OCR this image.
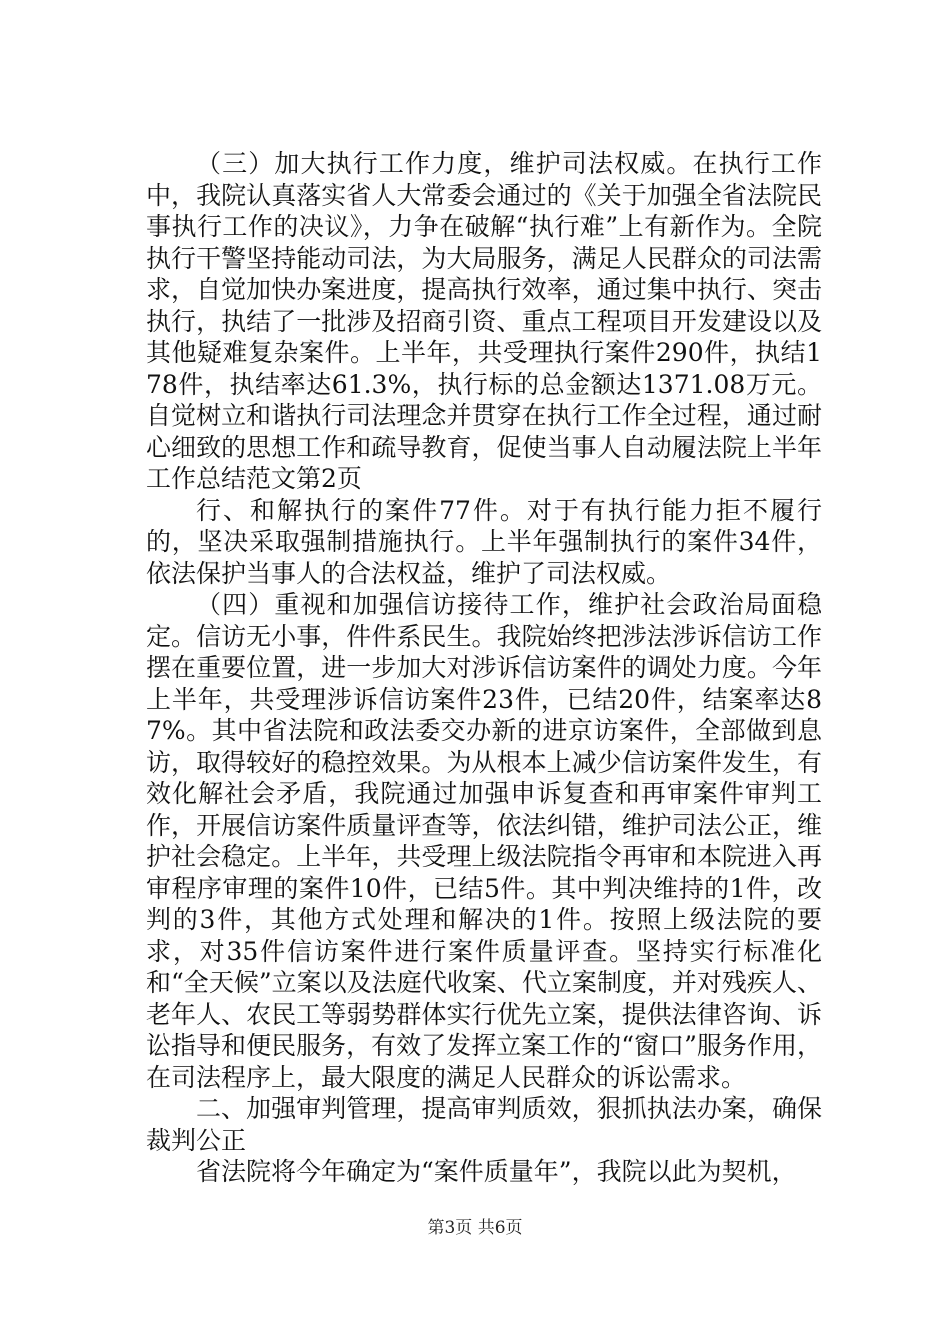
（三）加大执行工作力度，维护司法权威。在执行工作中，我院认真落实省人大常委会通过的《关于加强全省法院民事执行工作的决议》，力争在破解“执行难”上有新作为。全院执行干警坚持能动司法，为大局服务，满足人民群众的司法需求，自觉加快办案进度，提高执行效率，通过集中执行、突击执行，执结了一批涉及招商引资、重点工程项目开发建设以及其他疑难复杂案件。上半年，共受理执行案件290件，执结178件，执结率达61.3%，执行标的总金额达1371.08万元。自觉树立和谐执行司法理念并贯穿在执行工作全过程，通过耐心细致的思想工作和疏导教育，促使当事人自动履法院上半年工作总结范文第2页

行、和解执行的案件77件。对于有执行能力拒不履行的，坚决采取强制措施执行。上半年强制执行的案件34件，依法保护当事人的合法权益，维护了司法权威。

（四）重视和加强信访接待工作，维护社会政治局面稳定。信访无小事，件件系民生。我院始终把涉法涉诉信访工作摆在重要位置，进一步加大对涉诉信访案件的调处力度。今年上半年，共受理涉诉信访案件23件，已结20件，结案率达87%。其中省法院和政法委交办新的进京访案件，全部做到息访，取得较好的稳控效果。为从根本上减少信访案件发生，有效化解社会矛盾，我院通过加强申诉复查和再审案件审判工作，开展信访案件质量评查等，依法纠错，维护司法公正，维护社会稳定。上半年，共受理上级法院指令再审和本院进入再审程序审理的案件10件，已结5件。其中判决维持的1件，改判的3件，其他方式处理和解决的1件。按照上级法院的要求，对35件信访案件进行案件质量评查。坚持实行标准化和“全天候”立案以及法庭代收案、代立案制度，并对残疾人、老年人、农民工等弱势群体实行优先立案，提供法律咨询、诉讼指导和便民服务，有效了发挥立案工作的“窗口”服务作用，在司法程序上，最大限度的满足人民群众的诉讼需求。

二、加强审判管理，提高审判质效，狠抓执法办案，确保裁判公正

省法院将今年确定为“案件质量年”，我院以此为契机，

第3页 共6页
